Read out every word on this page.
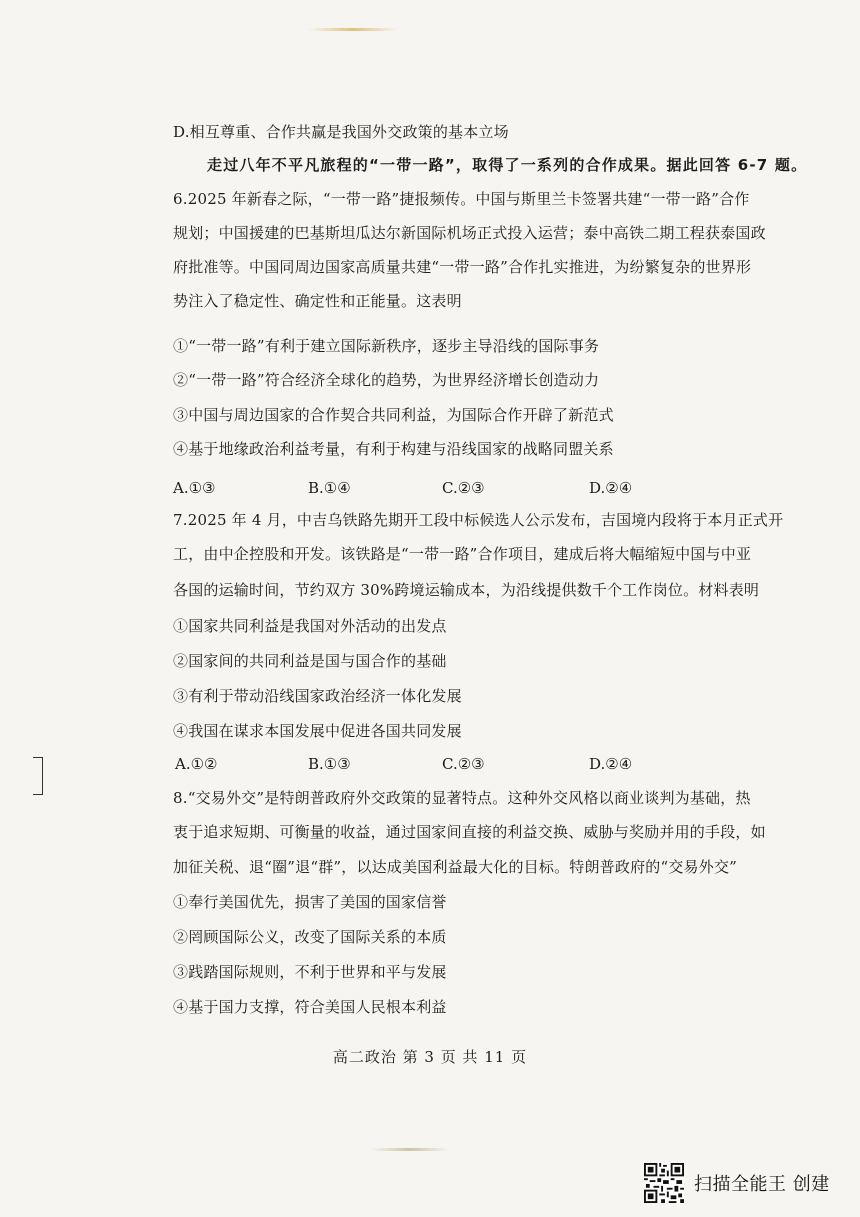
D.相互尊重、合作共赢是我国外交政策的基本立场
走过八年不平凡旅程的“一带一路”，取得了一系列的合作成果。据此回答 6-7 题。
6.2025 年新春之际，“一带一路”捷报频传。中国与斯里兰卡签署共建“一带一路”合作
规划；中国援建的巴基斯坦瓜达尔新国际机场正式投入运营；泰中高铁二期工程获泰国政
府批准等。中国同周边国家高质量共建“一带一路”合作扎实推进，为纷繁复杂的世界形
势注入了稳定性、确定性和正能量。这表明
①“一带一路”有利于建立国际新秩序，逐步主导沿线的国际事务
②“一带一路”符合经济全球化的趋势，为世界经济增长创造动力
③中国与周边国家的合作契合共同利益，为国际合作开辟了新范式
④基于地缘政治利益考量，有利于构建与沿线国家的战略同盟关系
A.①③	B.①④	C.②③	D.②④
7.2025 年 4 月，中吉乌铁路先期开工段中标候选人公示发布，吉国境内段将于本月正式开
工，由中企控股和开发。该铁路是“一带一路”合作项目，建成后将大幅缩短中国与中亚
各国的运输时间，节约双方 30%跨境运输成本，为沿线提供数千个工作岗位。材料表明
①国家共同利益是我国对外活动的出发点
②国家间的共同利益是国与国合作的基础
③有利于带动沿线国家政治经济一体化发展
④我国在谋求本国发展中促进各国共同发展
A.①②	B.①③	C.②③	D.②④
8.“交易外交”是特朗普政府外交政策的显著特点。这种外交风格以商业谈判为基础，热
衷于追求短期、可衡量的收益，通过国家间直接的利益交换、威胁与奖励并用的手段，如
加征关税、退“圈”退“群”，以达成美国利益最大化的目标。特朗普政府的“交易外交”
①奉行美国优先，损害了美国的国家信誉
②罔顾国际公义，改变了国际关系的本质
③践踏国际规则，不利于世界和平与发展
④基于国力支撑，符合美国人民根本利益
高二政治 第 3 页 共 11 页
扫描全能王 创建
